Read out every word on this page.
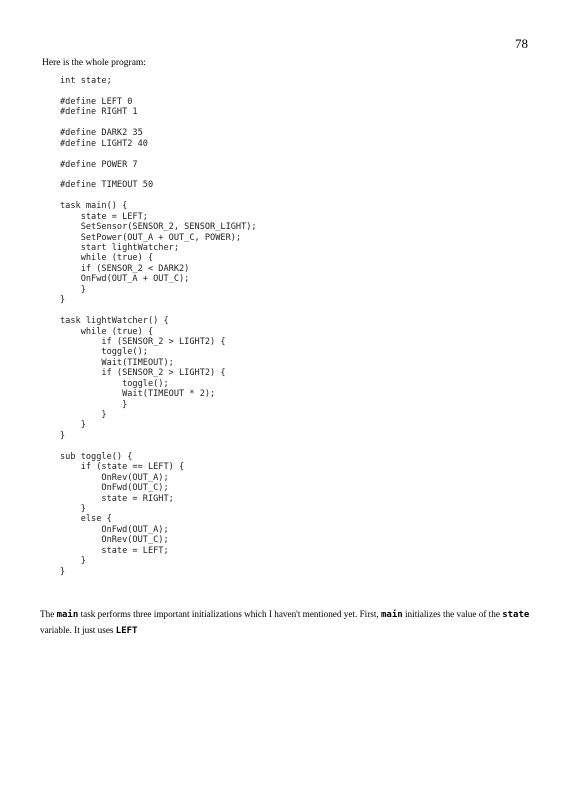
78
Here is the whole program:
int state;
#define LEFT 0
#define RIGHT 1
#define DARK2 35
#define LIGHT2 40
#define POWER 7
#define TIMEOUT 50
task main() {
state = LEFT;
SetSensor(SENSOR_2, SENSOR_LIGHT);
SetPower(OUT_A + OUT_C, POWER);
start lightWatcher;
while (true) {
if (SENSOR_2 < DARK2)
OnFwd(OUT_A + OUT_C);
}
}
task lightWatcher() {
while (true) {
if (SENSOR_2 > LIGHT2) {
toggle();
Wait(TIMEOUT);
if (SENSOR_2 > LIGHT2) {
toggle();
Wait(TIMEOUT * 2);
}
}
}
}
sub toggle() {
if (state == LEFT) {
OnRev(OUT_A);
OnFwd(OUT_C);
state = RIGHT;
}
else {
OnFwd(OUT_A);
OnRev(OUT_C);
state = LEFT;
}
}
The main task performs three important initializations which I haven't mentioned yet. First, main initializes the value of the state variable. It just uses LEFT
